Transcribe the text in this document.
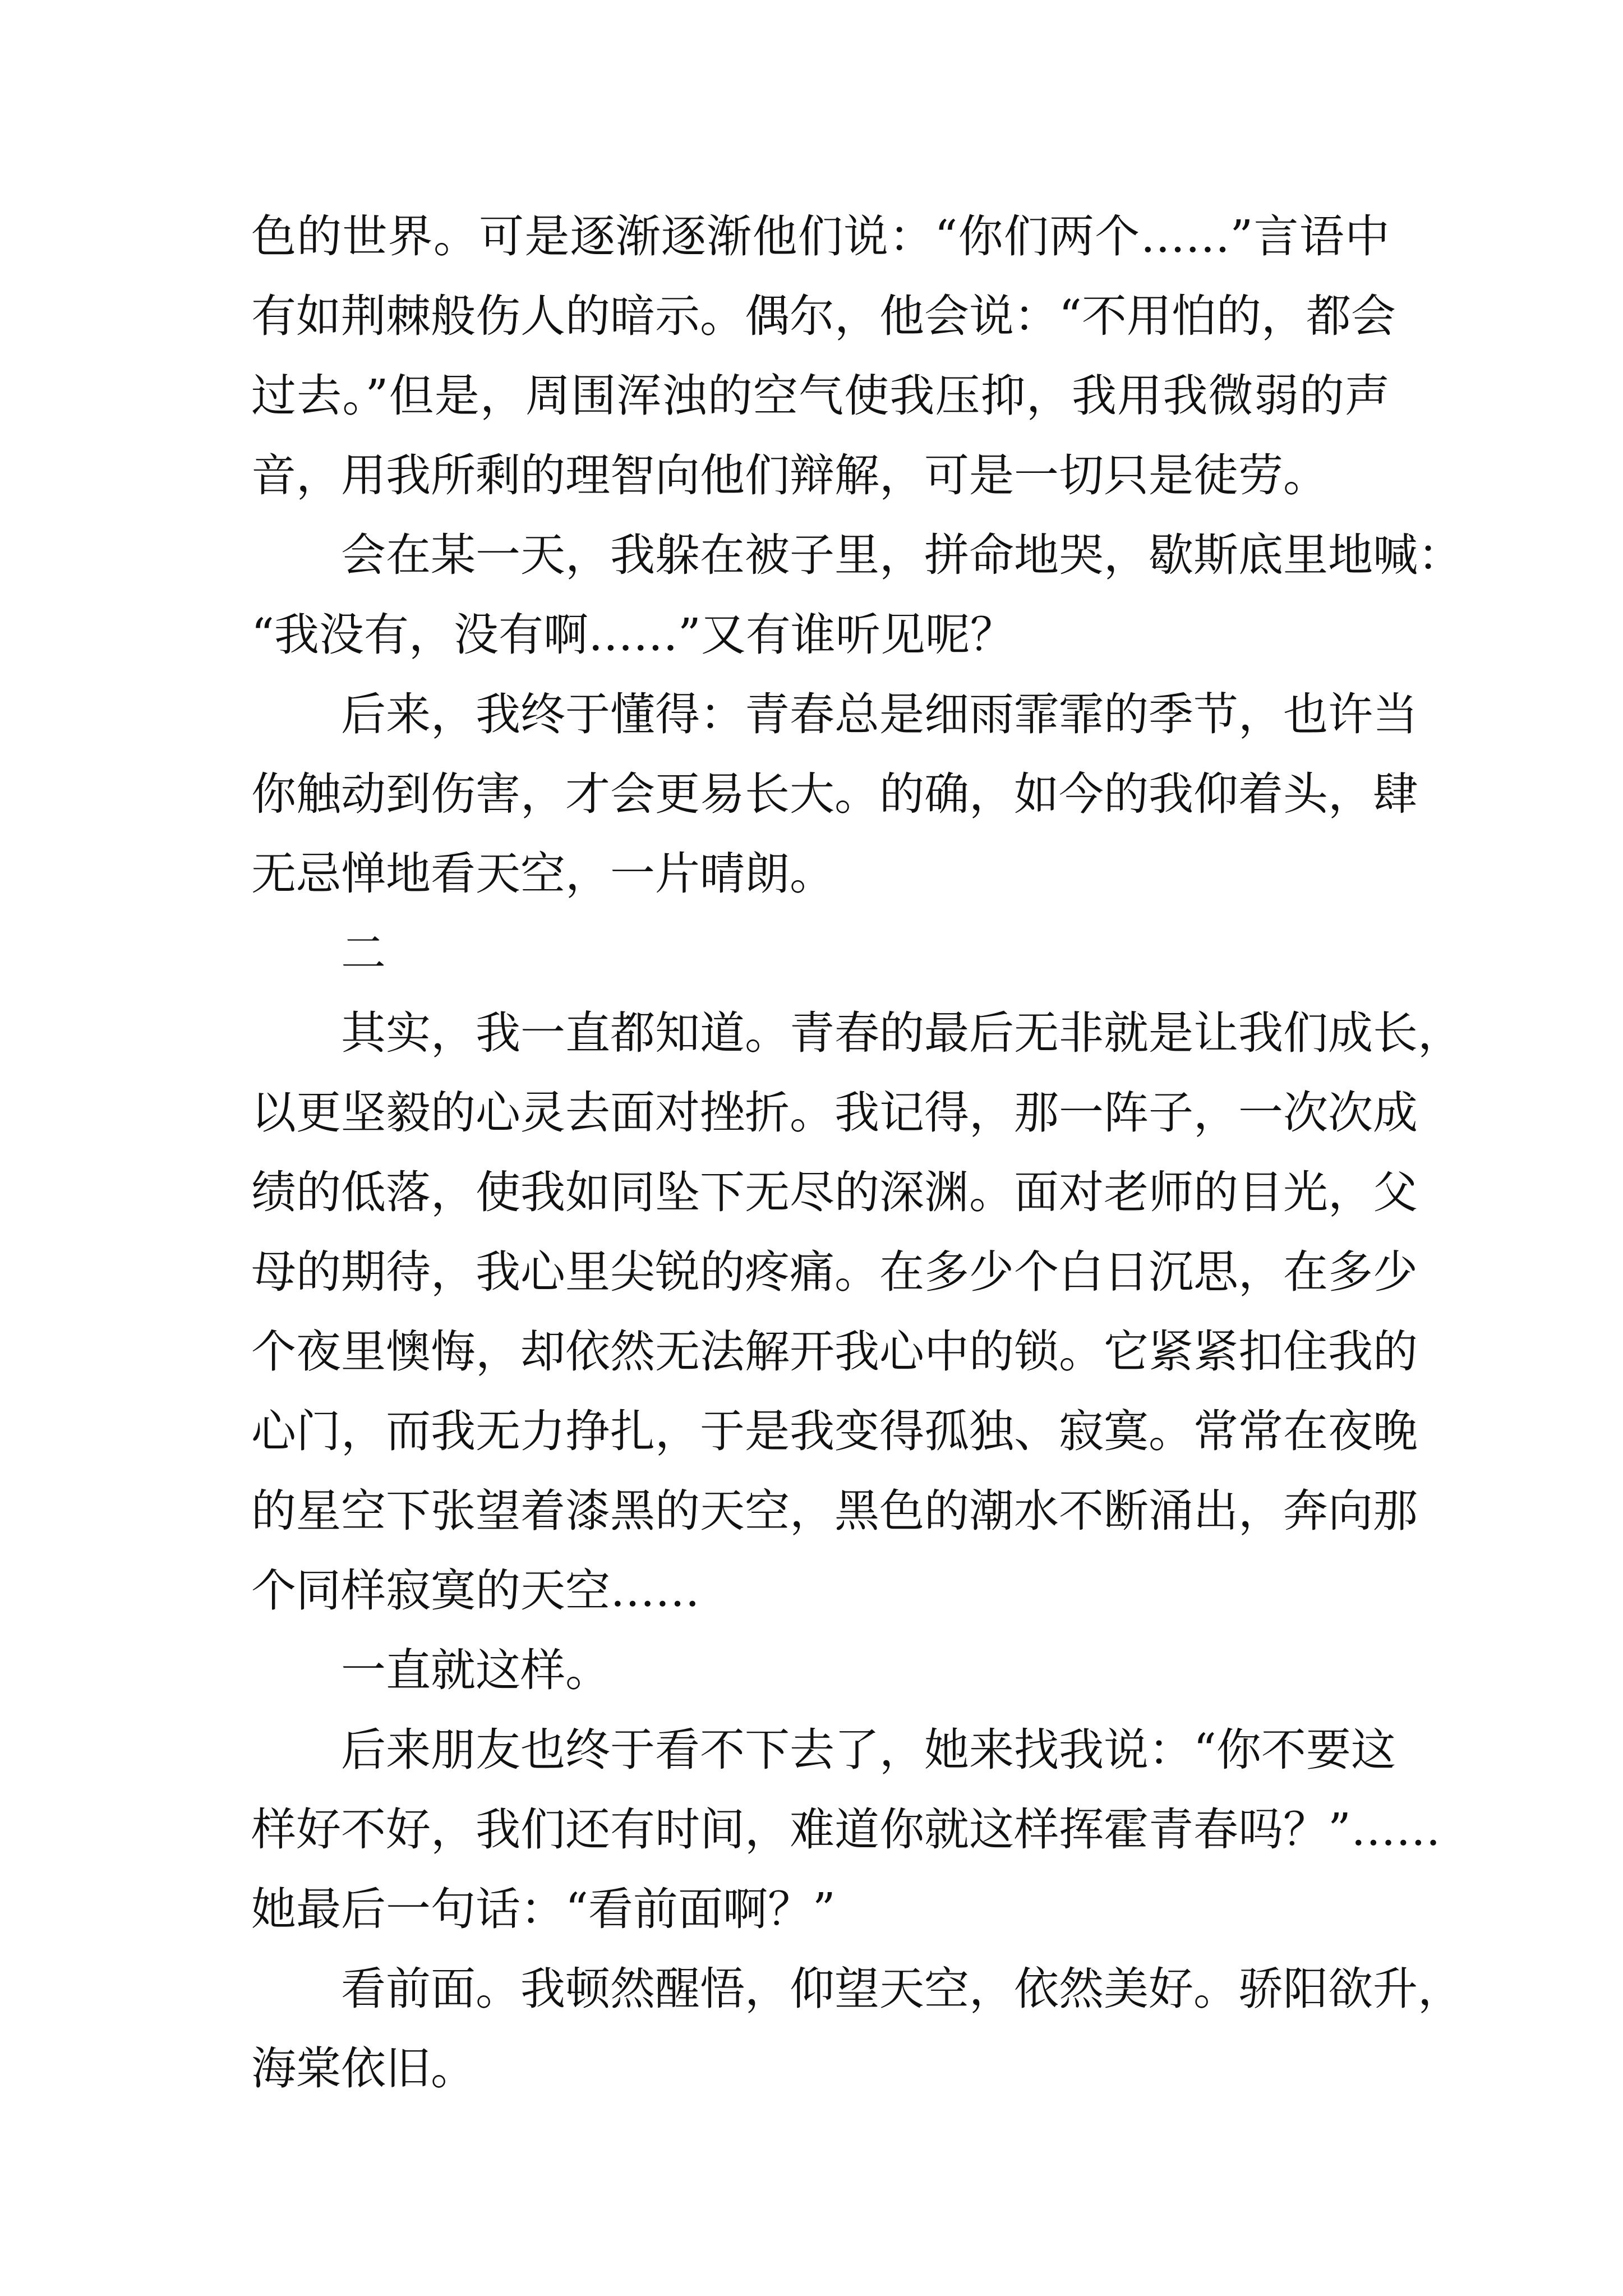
色的世界。可是逐渐逐渐他们说：“你们两个……”言语中
有如荆棘般伤人的暗示。偶尔，他会说：“不用怕的，都会
过去。”但是，周围浑浊的空气使我压抑，我用我微弱的声
音，用我所剩的理智向他们辩解，可是一切只是徒劳。
会在某一天，我躲在被子里，拼命地哭，歇斯底里地喊：
“我没有，没有啊……”又有谁听见呢？
后来，我终于懂得：青春总是细雨霏霏的季节，也许当
你触动到伤害，才会更易长大。的确，如今的我仰着头，肆
无忌惮地看天空，一片晴朗。
二
其实，我一直都知道。青春的最后无非就是让我们成长，
以更坚毅的心灵去面对挫折。我记得，那一阵子，一次次成
绩的低落，使我如同坠下无尽的深渊。面对老师的目光，父
母的期待，我心里尖锐的疼痛。在多少个白日沉思，在多少
个夜里懊悔，却依然无法解开我心中的锁。它紧紧扣住我的
心门，而我无力挣扎，于是我变得孤独、寂寞。常常在夜晚
的星空下张望着漆黑的天空，黑色的潮水不断涌出，奔向那
个同样寂寞的天空……
一直就这样。
后来朋友也终于看不下去了，她来找我说：“你不要这
样好不好，我们还有时间，难道你就这样挥霍青春吗？”……
她最后一句话：“看前面啊？”
看前面。我顿然醒悟，仰望天空，依然美好。骄阳欲升，
海棠依旧。
